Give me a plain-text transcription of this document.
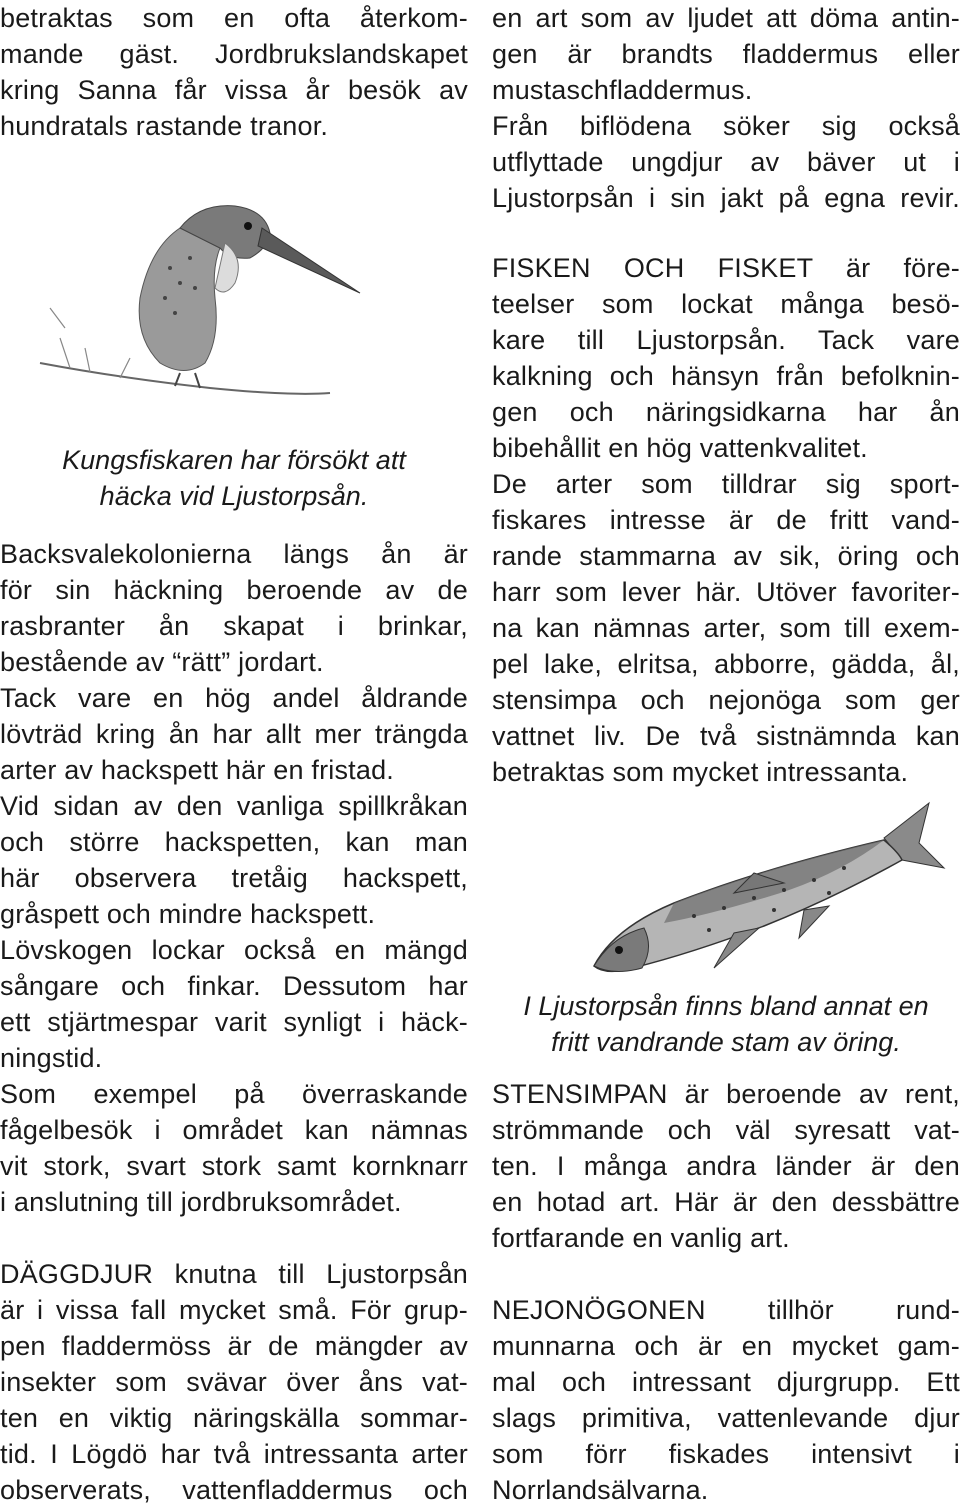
betraktas som en ofta återkom-
mande gäst. Jordbrukslandskapet
kring Sanna får vissa år besök av
hundratals rastande tranor.
Kungsfiskaren har försökt att
häcka vid Ljustorpsån.
Backsvalekolonierna längs ån är
för sin häckning beroende av de
rasbranter ån skapat i brinkar,
bestående av “rätt” jordart.
Tack vare en hög andel åldrande
lövträd kring ån har allt mer trängda
arter av hackspett här en fristad.
Vid sidan av den vanliga spillkråkan
och större hackspetten, kan man
här observera tretåig hackspett,
gråspett och mindre hackspett.
Lövskogen lockar också en mängd
sångare och finkar. Dessutom har
ett stjärtmespar varit synligt i häck-
ningstid.
Som exempel på överraskande
fågelbesök i området kan nämnas
vit stork, svart stork samt kornknarr
i anslutning till jordbruksområdet.
DÄGGDJUR knutna till Ljustorpsån
är i vissa fall mycket små. För grup-
pen fladdermöss är de mängder av
insekter som svävar över åns vat-
ten en viktig näringskälla sommar-
tid. I Lögdö har två intressanta arter
observerats, vattenfladdermus och
en art som av ljudet att döma antin-
gen är brandts fladdermus eller
mustaschfladdermus.
Från biflödena söker sig också
utflyttade ungdjur av bäver ut i
Ljustorpsån i sin jakt på egna revir.
FISKEN OCH FISKET är före-
teelser som lockat många besö-
kare till Ljustorpsån. Tack vare
kalkning och hänsyn från befolknin-
gen och näringsidkarna har ån
bibehållit en hög vattenkvalitet.
De arter som tilldrar sig sport-
fiskares intresse är de fritt vand-
rande stammarna av sik, öring och
harr som lever här. Utöver favoriter-
na kan nämnas arter, som till exem-
pel lake, elritsa, abborre, gädda, ål,
stensimpa och nejonöga som ger
vattnet liv. De två sistnämnda kan
betraktas som mycket intressanta.
I Ljustorpsån finns bland annat en
fritt vandrande stam av öring.
STENSIMPAN är beroende av rent,
strömmande och väl syresatt vat-
ten. I många andra länder är den
en hotad art. Här är den dessbättre
fortfarande en vanlig art.
NEJONÖGONEN tillhör rund-
munnarna och är en mycket gam-
mal och intressant djurgrupp. Ett
slags primitiva, vattenlevande djur
som förr fiskades intensivt i
Norrlandsälvarna.
